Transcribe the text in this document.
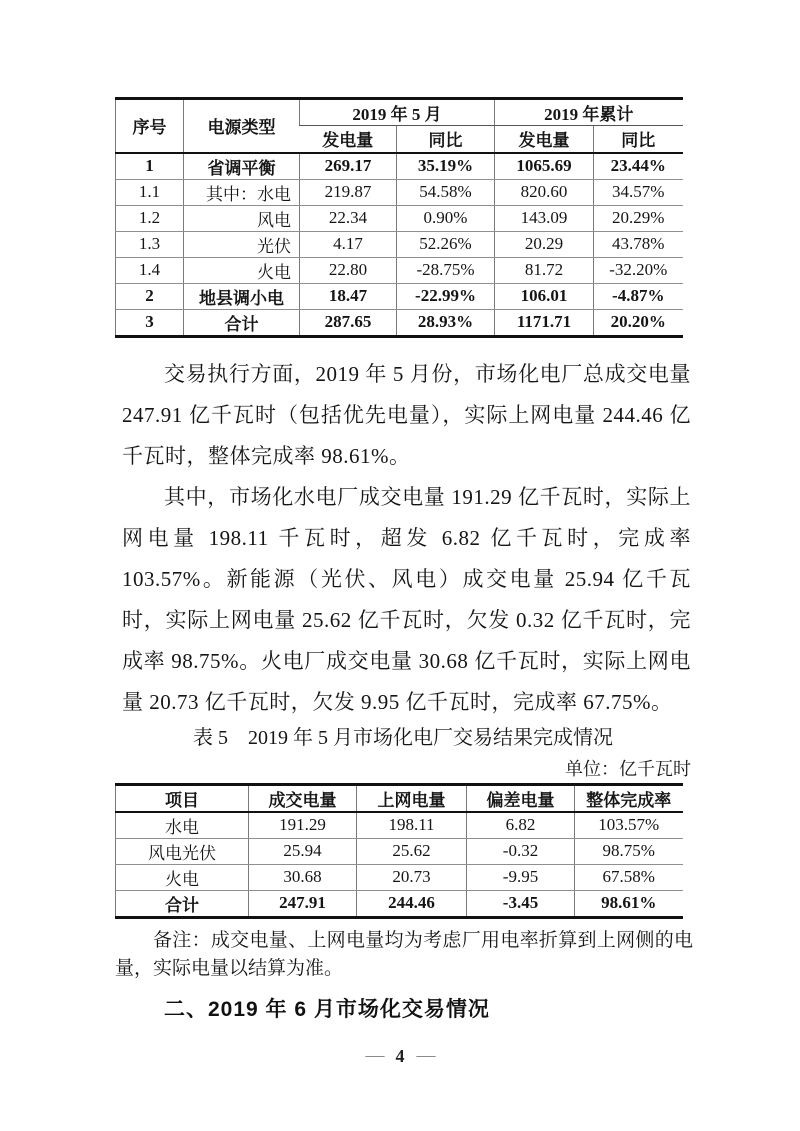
序号	电源类型	2019 年 5 月		2019 年累计	
		发电量	同比	发电量	同比
1	省调平衡	269.17	35.19%	1065.69	23.44%
1.1	其中：水电	219.87	54.58%	820.60	34.57%
1.2	风电	22.34	0.90%	143.09	20.29%
1.3	光伏	4.17	52.26%	20.29	43.78%
1.4	火电	22.80	-28.75%	81.72	-32.20%
2	地县调小电	18.47	-22.99%	106.01	-4.87%
3	合计	287.65	28.93%	1171.71	20.20%

交易执行方面，2019 年 5 月份，市场化电厂总成交电量 247.91 亿千瓦时（包括优先电量），实际上网电量 244.46 亿千瓦时，整体完成率 98.61%。

其中，市场化水电厂成交电量 191.29 亿千瓦时，实际上网电量 198.11 千瓦时，超发 6.82 亿千瓦时，完成率 103.57%。新能源（光伏、风电）成交电量 25.94 亿千瓦时，实际上网电量 25.62 亿千瓦时，欠发 0.32 亿千瓦时，完成率 98.75%。火电厂成交电量 30.68 亿千瓦时，实际上网电量 20.73 亿千瓦时，欠发 9.95 亿千瓦时，完成率 67.75%。

表 5　2019 年 5 月市场化电厂交易结果完成情况
单位：亿千瓦时
项目	成交电量	上网电量	偏差电量	整体完成率
水电	191.29	198.11	6.82	103.57%
风电光伏	25.94	25.62	-0.32	98.75%
火电	30.68	20.73	-9.95	67.58%
合计	247.91	244.46	-3.45	98.61%

备注：成交电量、上网电量均为考虑厂用电率折算到上网侧的电量，实际电量以结算为准。

二、2019 年 6 月市场化交易情况
— 4 —
